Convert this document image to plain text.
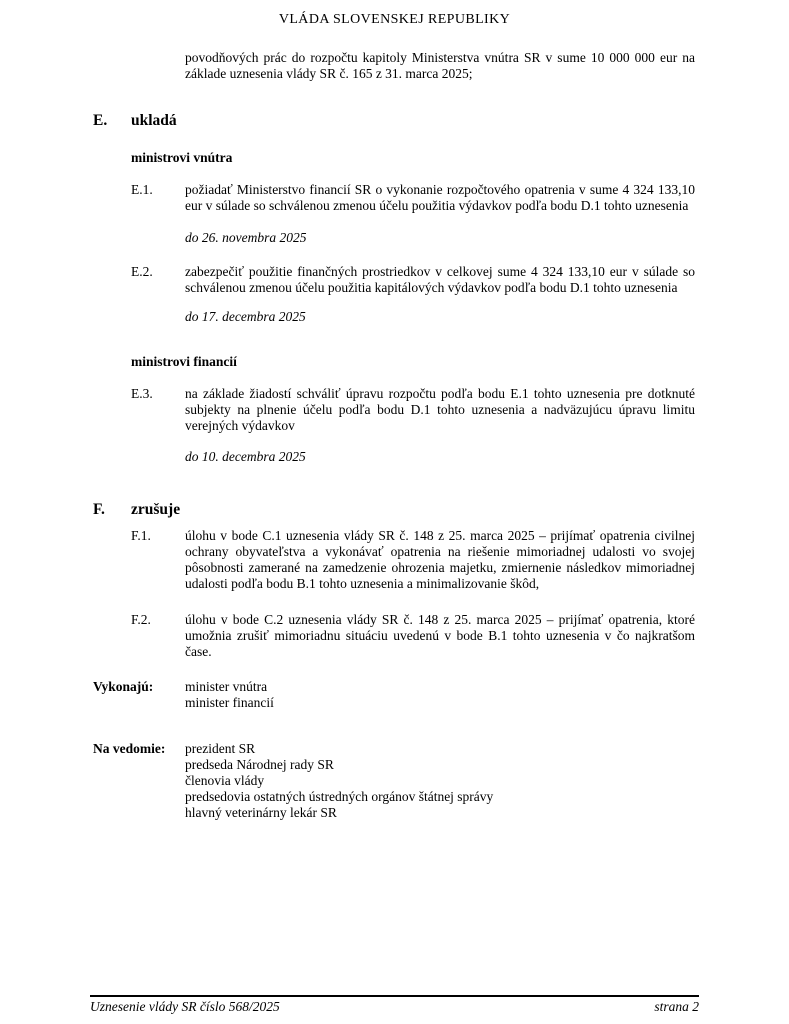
VLÁDA SLOVENSKEJ REPUBLIKY

povodňových prác do rozpočtu kapitoly Ministerstva vnútra SR v sume 10 000 000 eur na základe uznesenia vlády SR č. 165 z 31. marca 2025;

E.	ukladá
ministrovi vnútra
E.1.	požiadať Ministerstvo financií SR o vykonanie rozpočtového opatrenia v sume 4 324 133,10 eur v súlade so schválenou zmenou účelu použitia výdavkov podľa bodu D.1 tohto uznesenia
do 26. novembra 2025
E.2.	zabezpečiť použitie finančných prostriedkov v celkovej sume 4 324 133,10 eur v súlade so schválenou zmenou účelu použitia kapitálových výdavkov podľa bodu D.1 tohto uznesenia
do 17. decembra 2025
ministrovi financií
E.3.	na základe žiadostí schváliť úpravu rozpočtu podľa bodu E.1 tohto uznesenia pre dotknuté subjekty na plnenie účelu podľa bodu D.1 tohto uznesenia a nadväzujúcu úpravu limitu verejných výdavkov
do 10. decembra 2025
F.	zrušuje
F.1.	úlohu v bode C.1 uznesenia vlády SR č. 148 z 25. marca 2025 – prijímať opatrenia civilnej ochrany obyvateľstva a vykonávať opatrenia na riešenie mimoriadnej udalosti vo svojej pôsobnosti zamerané na zamedzenie ohrozenia majetku, zmiernenie následkov mimoriadnej udalosti podľa bodu B.1 tohto uznesenia a minimalizovanie škôd,
F.2.	úlohu v bode C.2 uznesenia vlády SR č. 148 z 25. marca 2025 – prijímať opatrenia, ktoré umožnia zrušiť mimoriadnu situáciu uvedenú v bode B.1 tohto uznesenia v čo najkratšom čase.
Vykonajú:	minister vnútra
minister financií
Na vedomie:	prezident SR
predseda Národnej rady SR
členovia vlády
predsedovia ostatných ústredných orgánov štátnej správy
hlavný veterinárny lekár SR
Uznesenie vlády SR číslo 568/2025	strana 2
